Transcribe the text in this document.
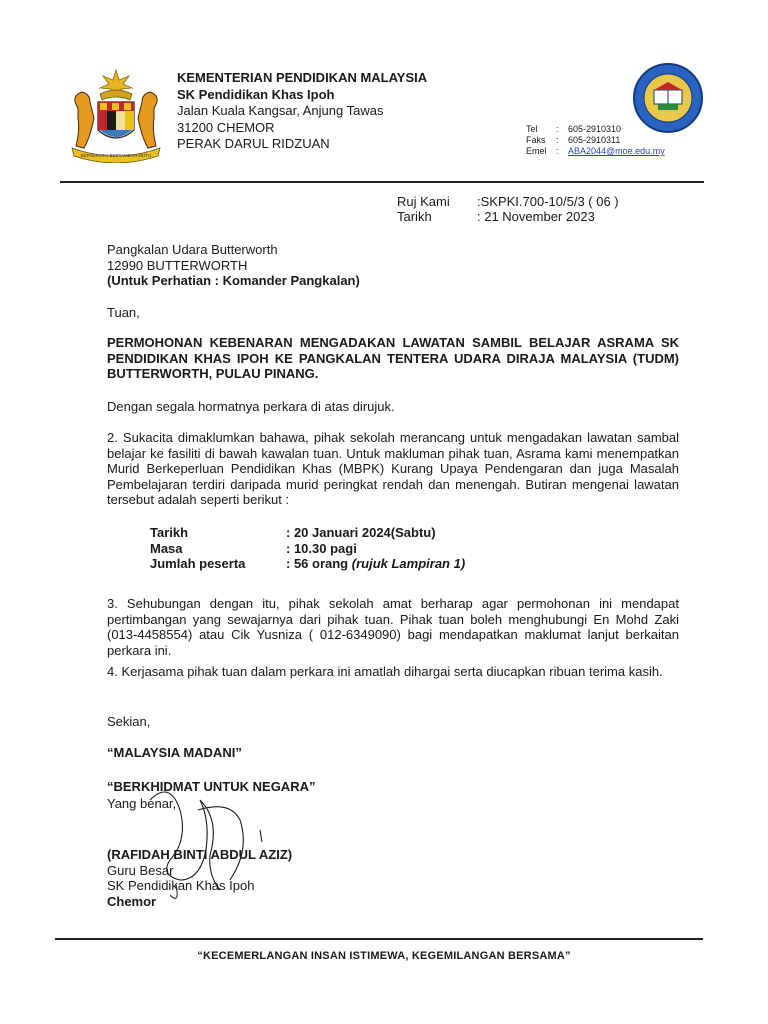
BERSEKUTU BERTAMBAH MUTU
KEMENTERIAN PENDIDIKAN MALAYSIA
SK Pendidikan Khas Ipoh
Jalan Kuala Kangsar, Anjung Tawas
31200 CHEMOR
PERAK DARUL RIDZUAN
Tel : 605-2910310
Faks : 605-2910311
Emel : ABA2044@moe.edu.my
Ruj Kami :SKPKI.700-10/5/3 ( 06 )
Tarikh	: 21 November 2023
Pangkalan Udara Butterworth
12990 BUTTERWORTH
(Untuk Perhatian : Komander Pangkalan)
Tuan,
PERMOHONAN KEBENARAN MENGADAKAN LAWATAN SAMBIL BELAJAR ASRAMA SK PENDIDIKAN KHAS IPOH KE PANGKALAN TENTERA UDARA DIRAJA MALAYSIA (TUDM) BUTTERWORTH, PULAU PINANG.
Dengan segala hormatnya perkara di atas dirujuk.
2. Sukacita dimaklumkan bahawa, pihak sekolah merancang untuk mengadakan lawatan sambal belajar ke fasiliti di bawah kawalan tuan. Untuk makluman pihak tuan, Asrama kami menempatkan Murid Berkeperluan Pendidikan Khas (MBPK) Kurang Upaya Pendengaran dan juga Masalah Pembelajaran terdiri daripada murid peringkat rendah dan menengah. Butiran mengenai lawatan tersebut adalah seperti berikut :
Tarikh	: 20 Januari 2024(Sabtu)
Masa	: 10.30 pagi
Jumlah peserta	: 56 orang (rujuk Lampiran 1)
3. Sehubungan dengan itu, pihak sekolah amat berharap agar permohonan ini mendapat pertimbangan yang sewajarnya dari pihak tuan. Pihak tuan boleh menghubungi En Mohd Zaki (013-4458554) atau Cik Yusniza ( 012-6349090) bagi mendapatkan maklumat lanjut berkaitan perkara ini.
4. Kerjasama pihak tuan dalam perkara ini amatlah dihargai serta diucapkan ribuan terima kasih.
Sekian,
“MALAYSIA MADANI”
“BERKHIDMAT UNTUK NEGARA”
Yang benar,
(RAFIDAH BINTI ABDUL AZIZ)
Guru Besar
SK Pendidikan Khas Ipoh
Chemor
“KECEMERLANGAN INSAN ISTIMEWA, KEGEMILANGAN BERSAMA”
